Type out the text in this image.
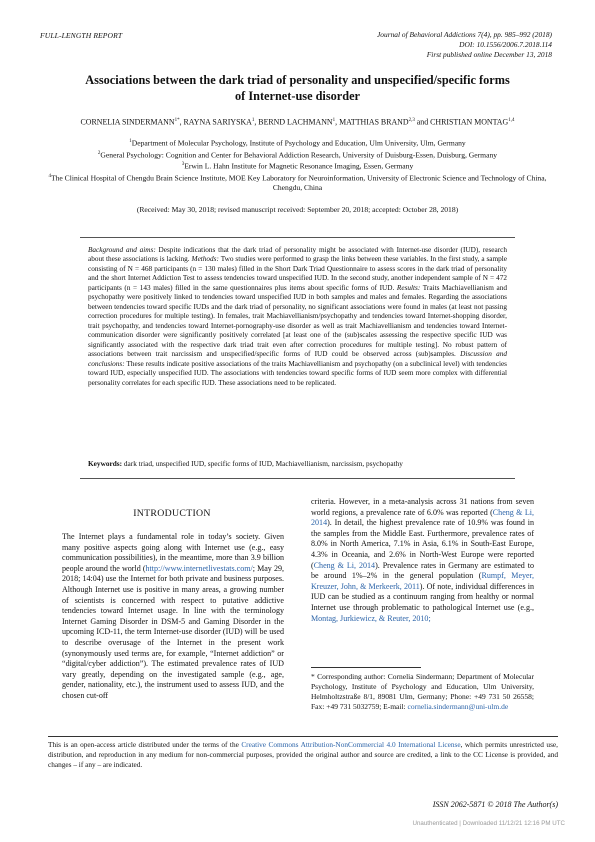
FULL-LENGTH REPORT	Journal of Behavioral Addictions 7(4), pp. 985–992 (2018)
DOI: 10.1556/2006.7.2018.114
First published online December 13, 2018
Associations between the dark triad of personality and unspecified/specific forms
of Internet-use disorder
CORNELIA $SINDERMANN^{1*}$, RAYNA SARIYSKA$^1$, BERND LACHMANN$^1$, MATTHIAS BRAND$^{2,3}$ and CHRISTIAN MONTAG$^{1,4}$
$^1$Department of Molecular Psychology, Institute of Psychology and Education, Ulm University, Ulm, Germany
$^2$General Psychology: Cognition and Center for Behavioral Addiction Research, University of Duisburg-Essen, Duisburg, Germany
$^3$Erwin L. Hahn Institute for Magnetic Resonance Imaging, Essen, Germany
$^4$The Clinical Hospital of Chengdu Brain Science Institute, MOE Key Laboratory for Neuroinformation, University of Electronic Science and Technology of China, Chengdu, China
(Received: May 30, 2018; revised manuscript received: September 20, 2018; accepted: October 28, 2018)
Background and aims: Despite indications that the dark triad of personality might be associated with Internet-use disorder (IUD), research about these associations is lacking. Methods: Two studies were performed to grasp the links between these variables. In the first study, a sample consisting of N = 468 participants (n = 130 males) filled in the Short Dark Triad Questionnaire to assess scores in the dark triad of personality and the short Internet Addiction Test to assess tendencies toward unspecified IUD. In the second study, another independent sample of N = 472 participants (n = 143 males) filled in the same questionnaires plus items about specific forms of IUD. Results: Traits Machiavellianism and psychopathy were positively linked to tendencies toward unspecified IUD in both samples and males and females. Regarding the associations between tendencies toward specific IUDs and the dark triad of personality, no significant associations were found in males (at least not passing correction procedures for multiple testing). In females, trait Machiavellianism/psychopathy and tendencies toward Internet-shopping disorder, trait psychopathy, and tendencies toward Internet-pornography-use disorder as well as trait Machiavellianism and tendencies toward Internet-communication disorder were significantly positively correlated [at least one of the (sub)scales assessing the respective specific IUD was significantly associated with the respective dark triad trait even after correction procedures for multiple testing]. No robust pattern of associations between trait narcissism and unspecified/specific forms of IUD could be observed across (sub)samples. Discussion and conclusions: These results indicate positive associations of the traits Machiavellianism and psychopathy (on a subclinical level) with tendencies toward IUD, especially unspecified IUD. The associations with tendencies toward specific forms of IUD seem more complex with differential personality correlates for each specific IUD. These associations need to be replicated.
Keywords: dark triad, unspecified IUD, specific forms of IUD, Machiavellianism, narcissism, psychopathy
INTRODUCTION
The Internet plays a fundamental role in today’s society. Given many positive aspects going along with Internet use (e.g., easy communication possibilities), in the meantime, more than 3.9 billion people around the world (http://www.internetlivestats.com/; May 29, 2018; 14:04) use the Internet for both private and business purposes. Although Internet use is positive in many areas, a growing number of scientists is concerned with respect to putative addictive tendencies toward Internet usage. In line with the terminology Internet Gaming Disorder in DSM-5 and Gaming Disorder in the upcoming ICD-11, the term Internet-use disorder (IUD) will be used to describe overusage of the Internet in the present work (synonymously used terms are, for example, “Internet addiction” or “digital/cyber addiction”). The estimated prevalence rates of IUD vary greatly, depending on the investigated sample (e.g., age, gender, nationality, etc.), the instrument used to assess IUD, and the chosen cut-off
criteria. However, in a meta-analysis across 31 nations from seven world regions, a prevalence rate of 6.0% was reported (Cheng & Li, 2014). In detail, the highest prevalence rate of 10.9% was found in the samples from the Middle East. Furthermore, prevalence rates of 8.0% in North America, 7.1% in Asia, 6.1% in South-East Europe, 4.3% in Oceania, and 2.6% in North-West Europe were reported (Cheng & Li, 2014). Prevalence rates in Germany are estimated to be around 1%–2% in the general population (Rumpf, Meyer, Kreuzer, John, & Merkeerk, 2011). Of note, individual differences in IUD can be studied as a continuum ranging from healthy or normal Internet use through problematic to pathological Internet use (e.g., Montag, Jurkiewicz, & Reuter, 2010;
* Corresponding author: Cornelia Sindermann; Department of Molecular Psychology, Institute of Psychology and Education, Ulm University, Helmholtzstraße 8/1, 89081 Ulm, Germany; Phone: +49 731 50 26558; Fax: +49 731 5032759; E-mail: cornelia.sindermann@uni-ulm.de
This is an open-access article distributed under the terms of the Creative Commons Attribution-NonCommercial 4.0 International License, which permits unrestricted use, distribution, and reproduction in any medium for non-commercial purposes, provided the original author and source are credited, a link to the CC License is provided, and changes – if any – are indicated.
ISSN 2062-5871 © 2018 The Author(s)
Unauthenticated | Downloaded 11/12/21 12:16 PM UTC
